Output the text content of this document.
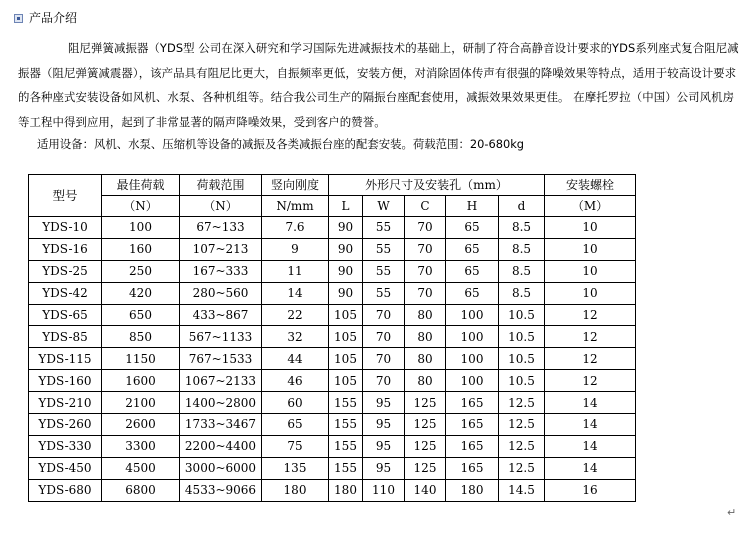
产品介绍

阻尼弹簧减振器（YDS型 公司在深入研究和学习国际先进减振技术的基础上，研制了符合高静音设计要求的YDS系列座式复合阻尼减振器（阻尼弹簧减震器），该产品具有阻尼比更大，自振频率更低，安装方便，对消除固体传声有很强的降噪效果等特点，适用于较高设计要求的各种座式安装设备如风机、水泵、各种机组等。结合我公司生产的隔振台座配套使用，减振效果效果更佳。 在摩托罗拉（中国）公司风机房等工程中得到应用，起到了非常显著的隔声降噪效果，受到客户的赞誉。

适用设备：风机、水泵、压缩机等设备的减振及各类减振台座的配套安装。荷载范围：20-680kg
型号	最佳荷载	荷载范围	竖向刚度	外形尺寸及安装孔（mm）					安装螺栓
	（N）	（N）	N/mm	L	W	C	H	d	（M）
YDS-10	100	67~133	7.6	90	55	70	65	8.5	10
YDS-16	160	107~213	9	90	55	70	65	8.5	10
YDS-25	250	167~333	11	90	55	70	65	8.5	10
YDS-42	420	280~560	14	90	55	70	65	8.5	10
YDS-65	650	433~867	22	105	70	80	100	10.5	12
YDS-85	850	567~1133	32	105	70	80	100	10.5	12
YDS-115	1150	767~1533	44	105	70	80	100	10.5	12
YDS-160	1600	1067~2133	46	105	70	80	100	10.5	12
YDS-210	2100	1400~2800	60	155	95	125	165	12.5	14
YDS-260	2600	1733~3467	65	155	95	125	165	12.5	14
YDS-330	3300	2200~4400	75	155	95	125	165	12.5	14
YDS-450	4500	3000~6000	135	155	95	125	165	12.5	14
YDS-680	6800	4533~9066	180	180	110	140	180	14.5	16
↵
